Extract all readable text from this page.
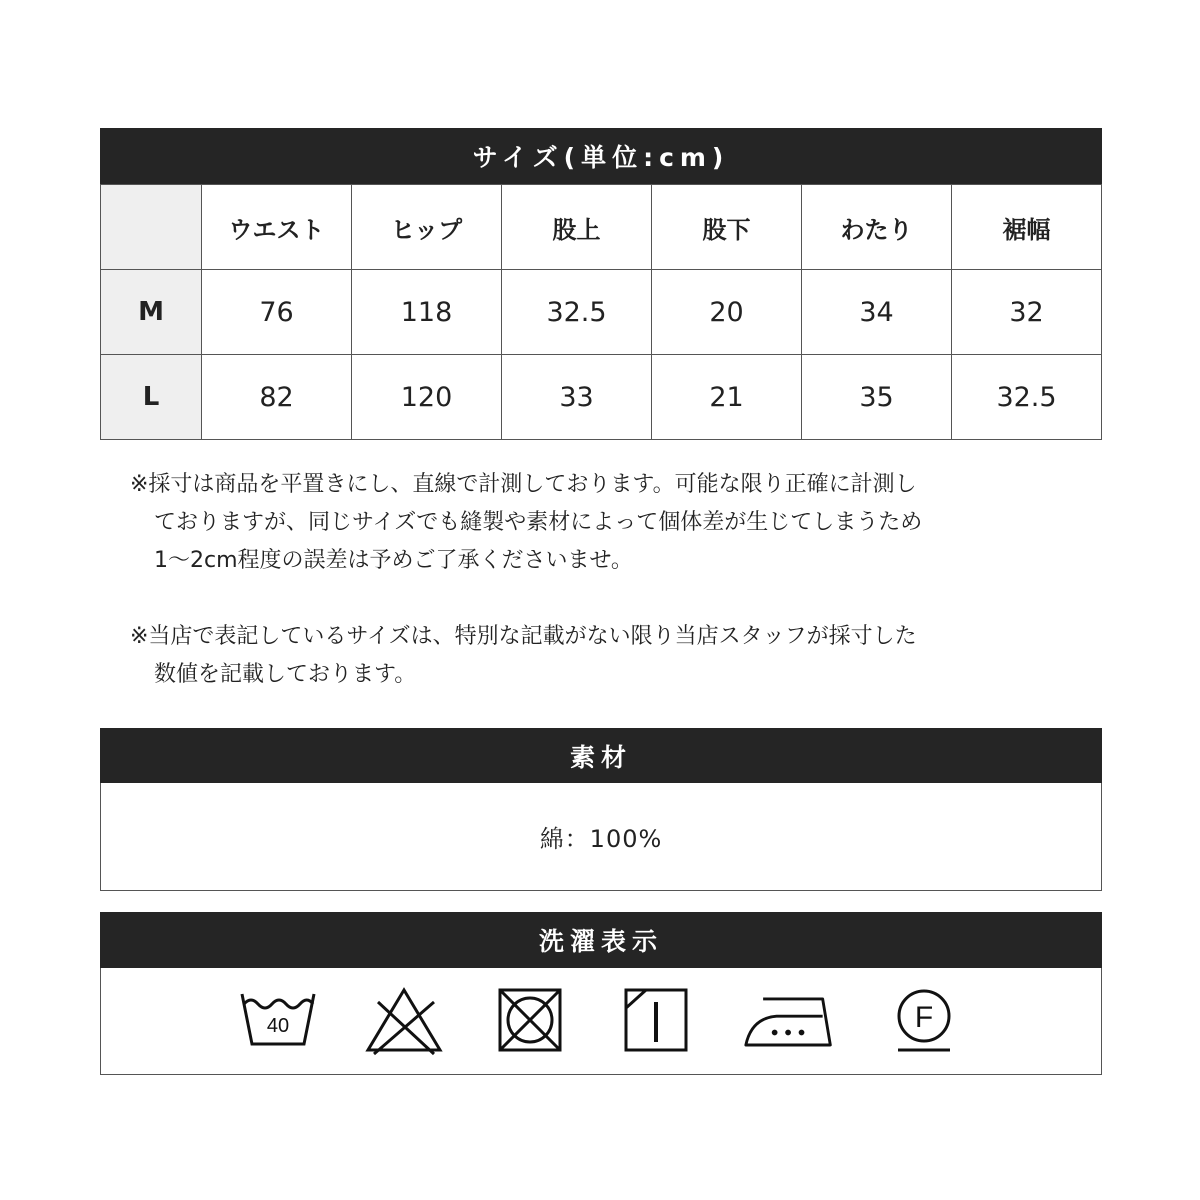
サイズ(単位:cm)
	ウエスト	ヒップ	股上	股下	わたり	裾幅
M	76	118	32.5	20	34	32
L	82	120	33	21	35	32.5
※採寸は商品を平置きにし、直線で計測しております。可能な限り正確に計測し
ておりますが、同じサイズでも縫製や素材によって個体差が生じてしまうため
1～2cm程度の誤差は予めご了承くださいませ。
※当店で表記しているサイズは、特別な記載がない限り当店スタッフが採寸した
数値を記載しております。
素材
綿：100%
洗濯表示
40	F
